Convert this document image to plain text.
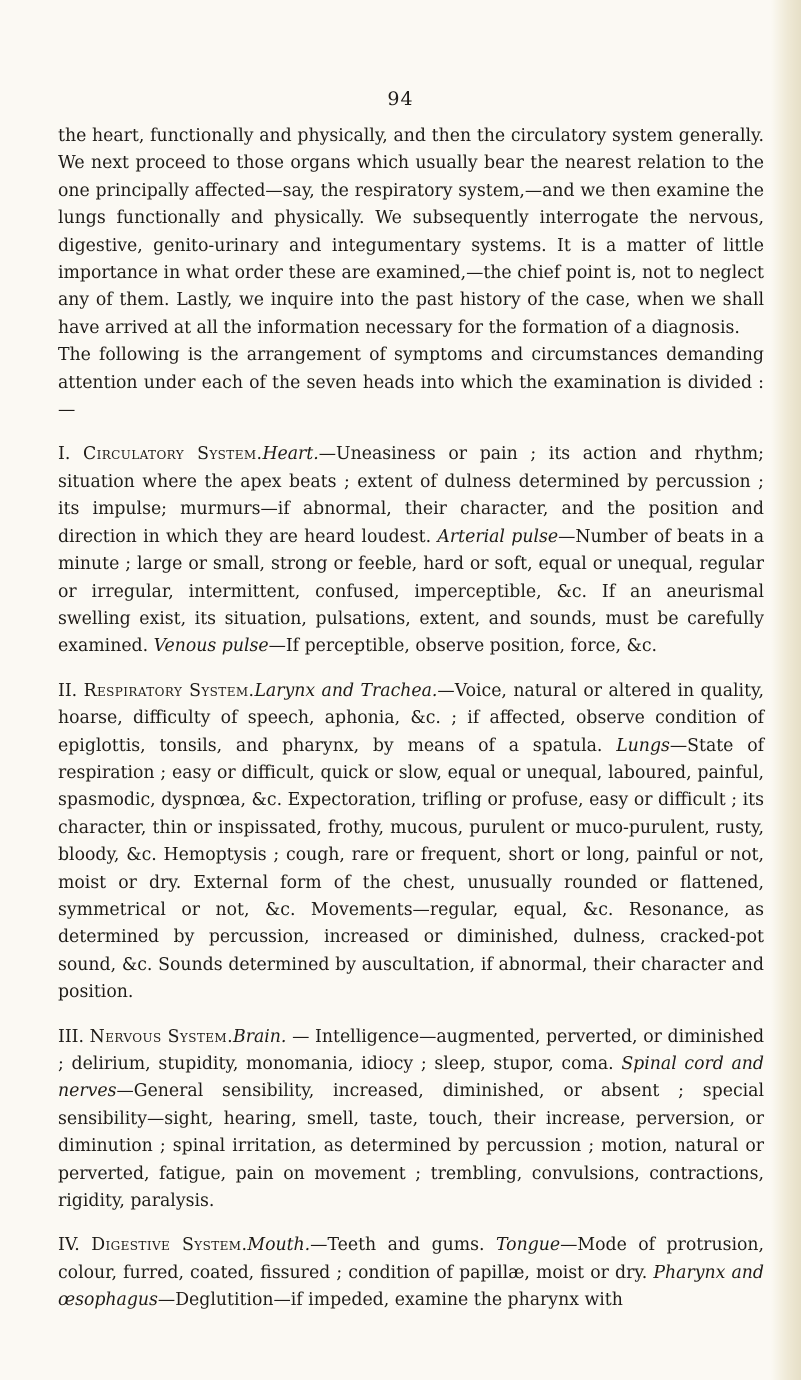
94

the heart, functionally and physically, and then the circulatory system generally. We next proceed to those organs which usually bear the nearest relation to the one principally affected—say, the respiratory system,—and we then examine the lungs functionally and physically. We subsequently interrogate the nervous, digestive, genito-urinary and integumentary systems. It is a matter of little importance in what order these are examined,—the chief point is, not to neglect any of them. Lastly, we inquire into the past history of the case, when we shall have arrived at all the information necessary for the formation of a diagnosis.

The following is the arrangement of symptoms and circumstances demanding attention under each of the seven heads into which the examination is divided :—

I. Circulatory System.Heart.—Uneasiness or pain ; its action and rhythm; situation where the apex beats ; extent of dulness determined by percussion ; its impulse; murmurs—if abnormal, their character, and the position and direction in which they are heard loudest. Arterial pulse—Number of beats in a minute ; large or small, strong or feeble, hard or soft, equal or unequal, regular or irregular, intermittent, confused, imperceptible, &c. If an aneurismal swelling exist, its situation, pulsations, extent, and sounds, must be carefully examined. Venous pulse—If perceptible, observe position, force, &c.

II. Respiratory System.Larynx and Trachea.—Voice, natural or altered in quality, hoarse, difficulty of speech, aphonia, &c. ; if affected, observe condition of epiglottis, tonsils, and pharynx, by means of a spatula. Lungs—State of respiration ; easy or difficult, quick or slow, equal or unequal, laboured, painful, spasmodic, dyspnœa, &c. Expectoration, trifling or profuse, easy or difficult ; its character, thin or inspissated, frothy, mucous, purulent or muco-purulent, rusty, bloody, &c. Hemoptysis ; cough, rare or frequent, short or long, painful or not, moist or dry. External form of the chest, unusually rounded or flattened, symmetrical or not, &c. Movements—regular, equal, &c. Resonance, as determined by percussion, increased or diminished, dulness, cracked-pot sound, &c. Sounds determined by auscultation, if abnormal, their character and position.

III. Nervous System.Brain. — Intelligence—augmented, perverted, or diminished ; delirium, stupidity, monomania, idiocy ; sleep, stupor, coma. Spinal cord and nerves—General sensibility, increased, diminished, or absent ; special sensibility—sight, hearing, smell, taste, touch, their increase, perversion, or diminution ; spinal irritation, as determined by percussion ; motion, natural or perverted, fatigue, pain on movement ; trembling, convulsions, contractions, rigidity, paralysis.

IV. Digestive System.Mouth.—Teeth and gums. Tongue—Mode of protrusion, colour, furred, coated, fissured ; condition of papillæ, moist or dry. Pharynx and œsophagus—Deglutition—if impeded, examine the pharynx with
